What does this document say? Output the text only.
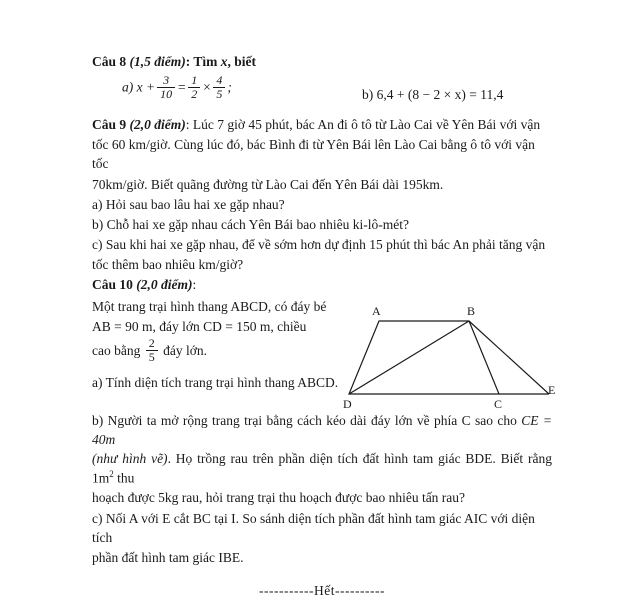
Câu 8 (1,5 điểm): Tìm x, biết
a) $x + \frac{3}{10} = \frac{1}{2} \times \frac{4}{5}$ ;	b) 6,4 + (8 − 2 × x) = 11,4
Câu 9 (2,0 điểm): Lúc 7 giờ 45 phút, bác An đi ô tô từ Lào Cai về Yên Bái với vận
tốc 60 km/giờ. Cùng lúc đó, bác Bình đi từ Yên Bái lên Lào Cai bằng ô tô với vận tốc
70km/giờ. Biết quãng đường từ Lào Cai đến Yên Bái dài 195km.
a) Hỏi sau bao lâu hai xe gặp nhau?
b) Chỗ hai xe gặp nhau cách Yên Bái bao nhiêu ki-lô-mét?
c) Sau khi hai xe gặp nhau, để về sớm hơn dự định 15 phút thì bác An phải tăng vận
tốc thêm bao nhiêu km/giờ?
Câu 10 (2,0 điểm):
Một trang trại hình thang ABCD, có đáy bé
AB = 90 m, đáy lớn CD = 150 m, chiều
cao bằng $\frac{2}{5}$ đáy lớn.
a) Tính diện tích trang trại hình thang ABCD.
A	B
C
D
E
b) Người ta mở rộng trang trại bằng cách kéo dài đáy lớn về phía C sao cho CE = 40m
(như hình vẽ). Họ trồng rau trên phần diện tích đất hình tam giác BDE. Biết rằng $1m^2$ thu
hoạch được 5kg rau, hỏi trang trại thu hoạch được bao nhiêu tấn rau?
c) Nối A với E cắt BC tại I. So sánh diện tích phần đất hình tam giác AIC với diện tích
phần đất hình tam giác IBE.
-----------Hết----------
